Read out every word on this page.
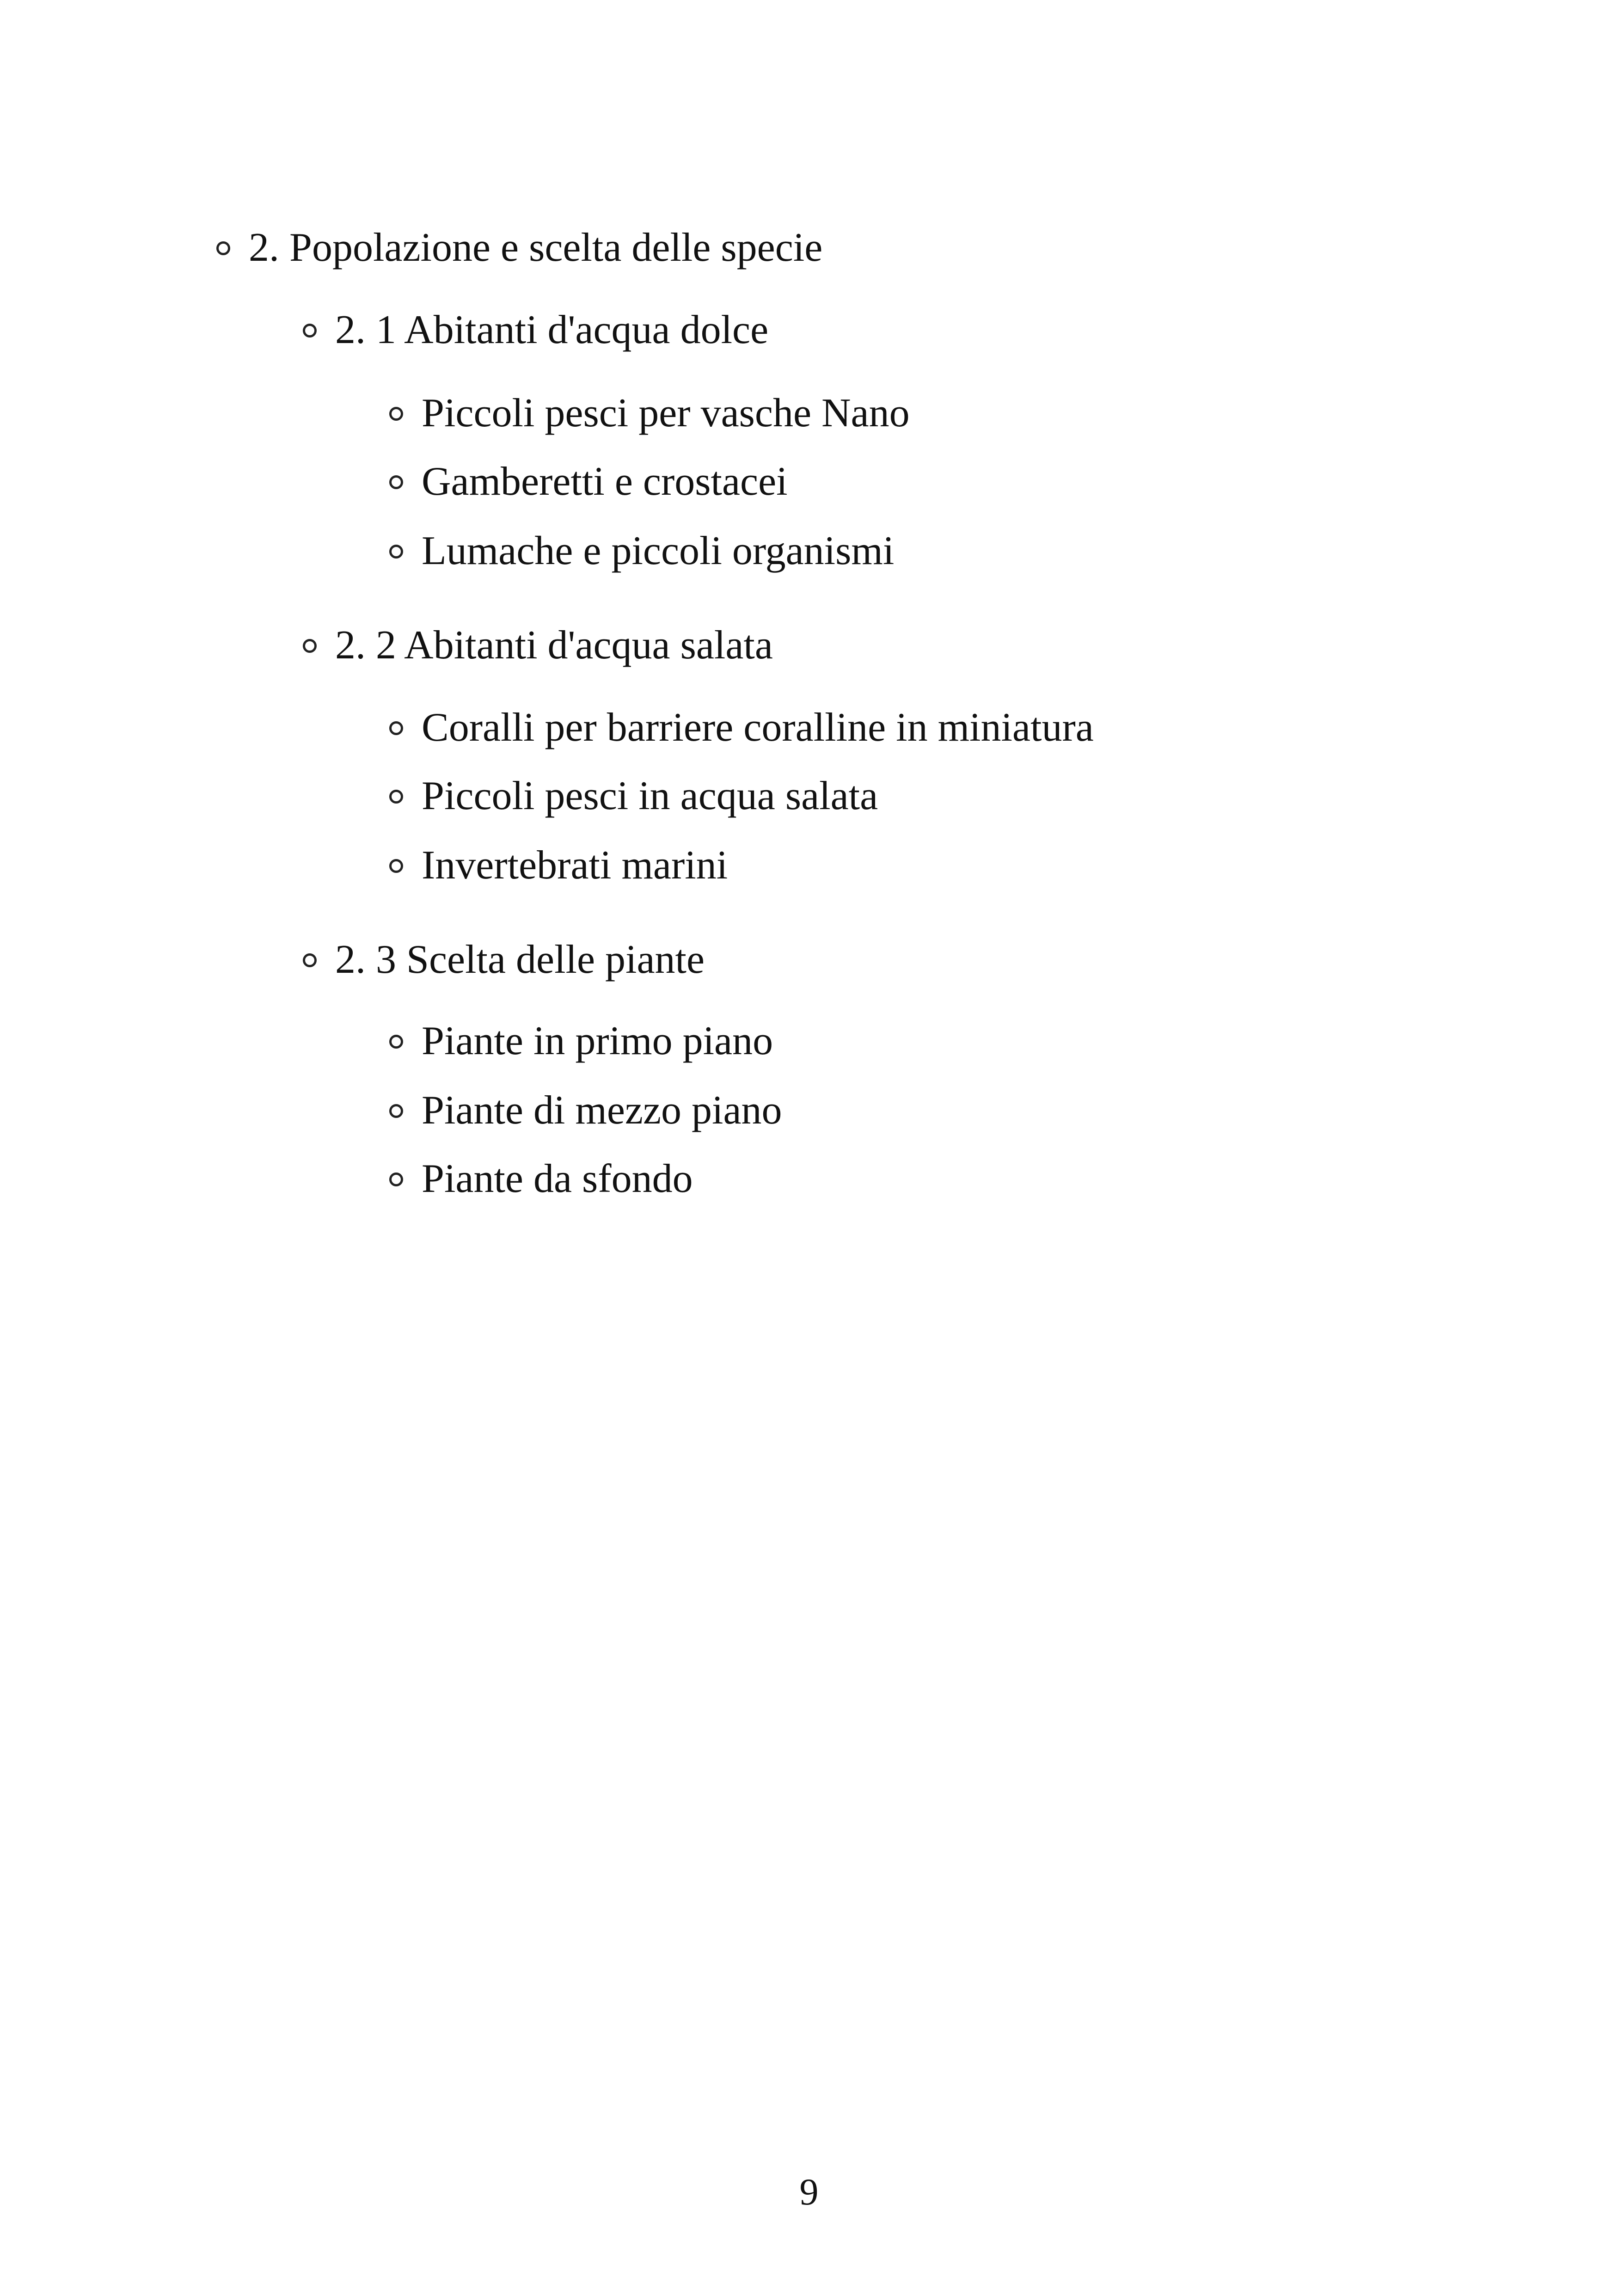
2. Popolazione e scelta delle specie
2. 1 Abitanti d'acqua dolce
Piccoli pesci per vasche Nano
Gamberetti e crostacei
Lumache e piccoli organismi
2. 2 Abitanti d'acqua salata
Coralli per barriere coralline in miniatura
Piccoli pesci in acqua salata
Invertebrati marini
2. 3 Scelta delle piante
Piante in primo piano
Piante di mezzo piano
Piante da sfondo
9
